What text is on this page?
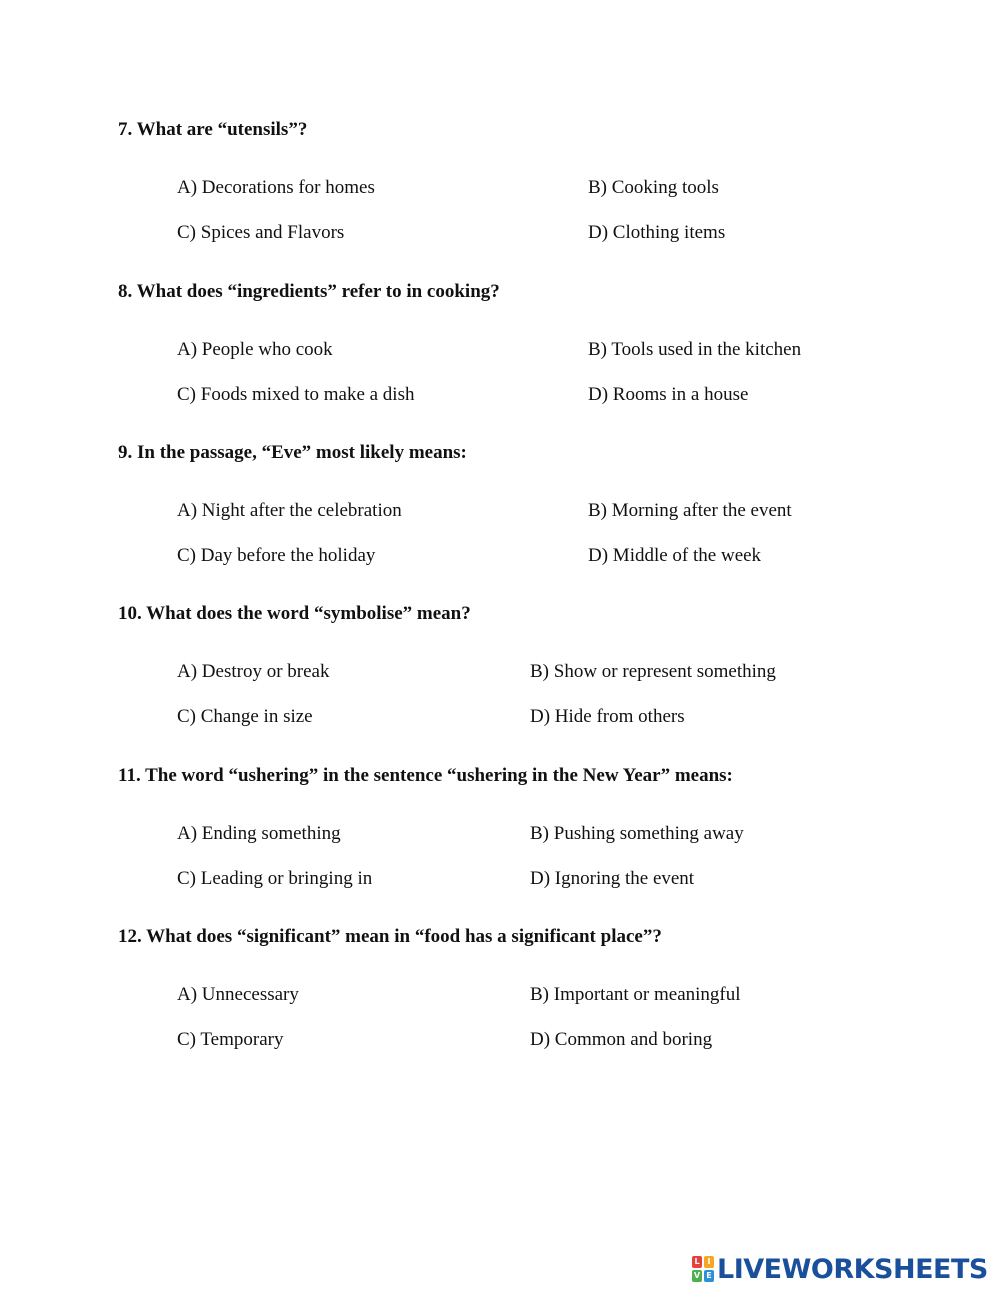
7. What are “utensils”?
A) Decorations for homes	B) Cooking tools
C) Spices and Flavors	D) Clothing items
8. What does “ingredients” refer to in cooking?
A) People who cook	B) Tools used in the kitchen
C) Foods mixed to make a dish	D) Rooms in a house
9. In the passage, “Eve” most likely means:
A) Night after the celebration	B) Morning after the event
C) Day before the holiday	D) Middle of the week
10. What does the word “symbolise” mean?
A) Destroy or break	B) Show or represent something
C) Change in size	D) Hide from others
11. The word “ushering” in the sentence “ushering in the New Year” means:
A) Ending something	B) Pushing something away
C) Leading or bringing in	D) Ignoring the event
12. What does “significant” mean in “food has a significant place”?
A) Unnecessary	B) Important or meaningful
C) Temporary	D) Common and boring
L I
V E LIVEWORKSHEETS
